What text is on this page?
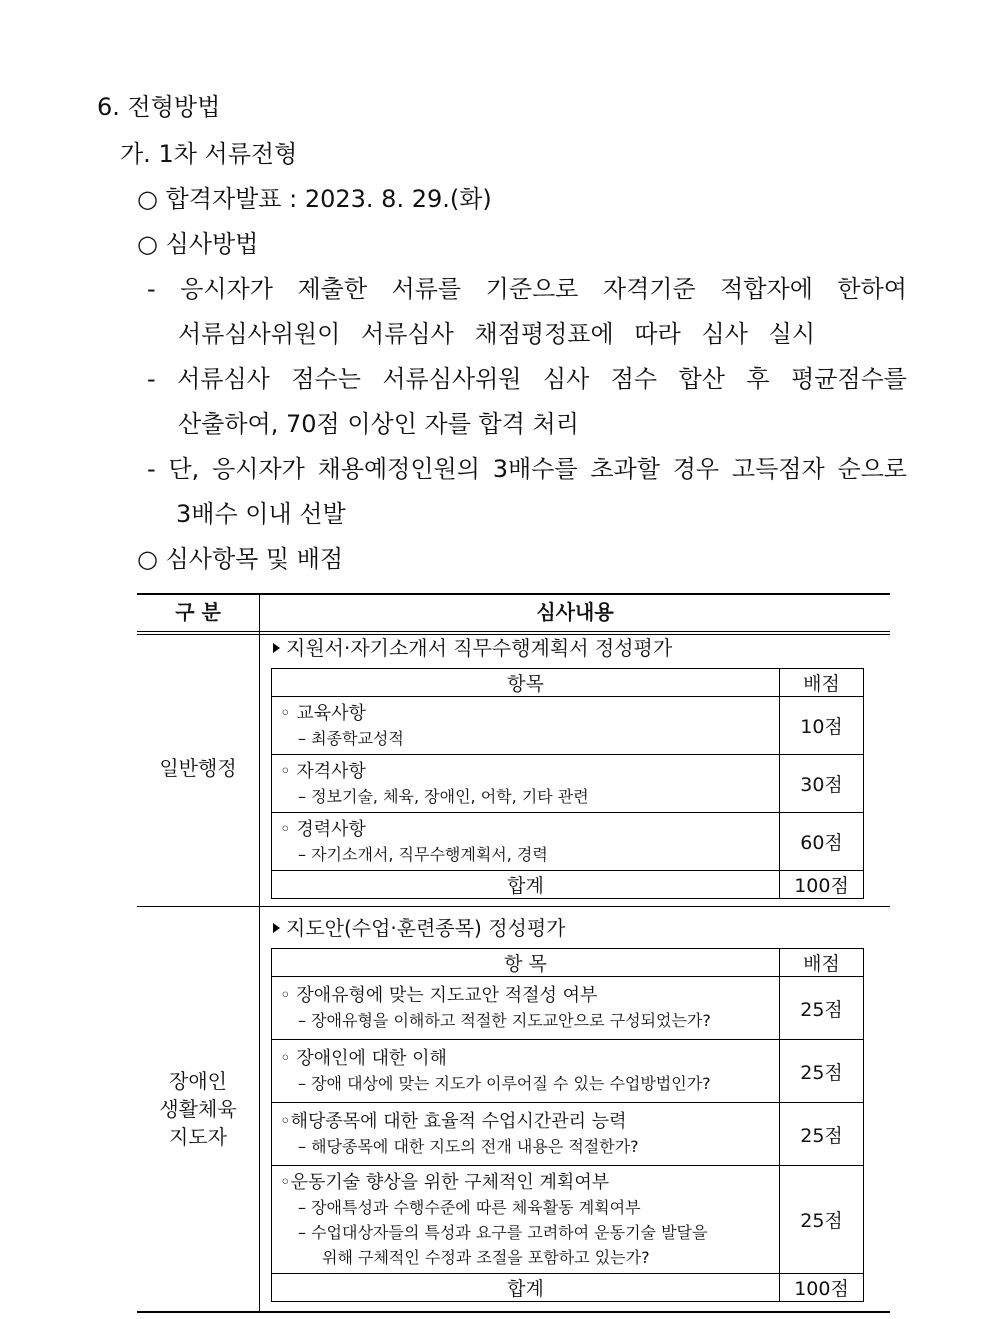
6. 전형방법
가. 1차 서류전형
○ 합격자발표 : 2023. 8. 29.(화)
○ 심사방법
- 응시자가 제출한 서류를 기준으로 자격기준 적합자에 한하여
서류심사위원이 서류심사 채점평정표에 따라 심사 실시
- 서류심사 점수는 서류심사위원 심사 점수 합산 후 평균점수를
산출하여, 70점 이상인 자를 합격 처리
- 단, 응시자가 채용예정인원의 3배수를 초과할 경우 고득점자 순으로
3배수 이내 선발
○ 심사항목 및 배점
구 분	심사내용
일반행정
지원서·자기소개서 직무수행계획서 정성평가
항목	배점

◦ 교육사항
– 최종학교성적	10점

◦ 자격사항
– 정보기술, 체육, 장애인, 어학, 기타 관련	30점

◦ 경력사항
– 자기소개서, 직무수행계획서, 경력	60점
합계	100점
장애인
생활체육
지도자
지도안(수업·훈련종목) 정성평가
항 목	배점

◦ 장애유형에 맞는 지도교안 적절성 여부
– 장애유형을 이해하고 적절한 지도교안으로 구성되었는가?	25점

◦ 장애인에 대한 이해
– 장애 대상에 맞는 지도가 이루어질 수 있는 수업방법인가?	25점

◦해당종목에 대한 효율적 수업시간관리 능력
– 해당종목에 대한 지도의 전개 내용은 적절한가?	25점

◦운동기술 향상을 위한 구체적인 계획여부
– 장애특성과 수행수준에 따른 체육활동 계획여부
– 수업대상자들의 특성과 요구를 고려하여 운동기술 발달을
위해 구체적인 수정과 조절을 포함하고 있는가?	25점
합계	100점
